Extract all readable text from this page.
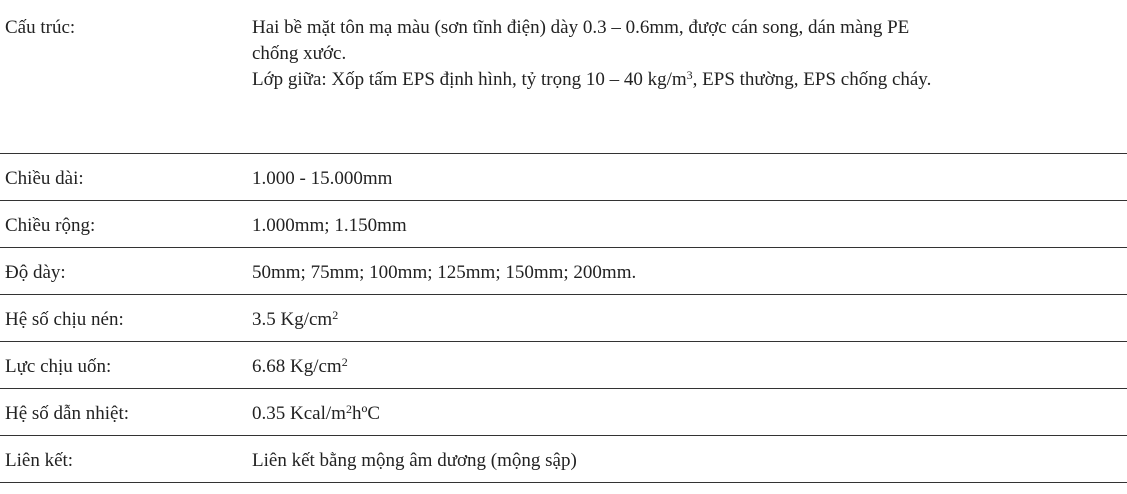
Cấu trúc:	Hai bề mặt tôn mạ màu (sơn tĩnh điện) dày 0.3 – 0.6mm, được cán song, dán màng PE
chống xước.
Lớp giữa: Xốp tấm EPS định hình, tỷ trọng 10 – 40 $kg/m^3$, EPS thường, EPS chống cháy.

Chiều dài:	1.000 - 15.000mm
Chiều rộng:	1.000mm; 1.150mm
Độ dày:	50mm; 75mm; 100mm; 125mm; 150mm; 200mm.
Hệ số chịu nén:	3.5 $Kg/cm^2$
Lực chịu uốn:	6.68 $Kg/cm^2$
Hệ số dẫn nhiệt:	0.35 Kcal/$m^2hºC$
Liên kết:	Liên kết bằng mộng âm dương (mộng sập)
